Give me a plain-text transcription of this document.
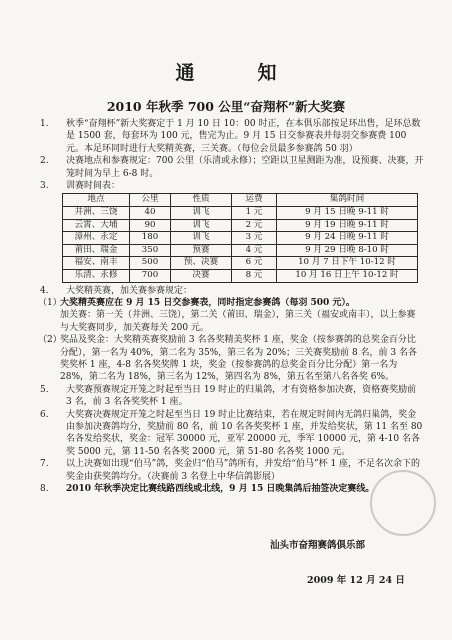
通　知
2010 年秋季 700 公里“奋翔杯”新大奖赛
1.	秋季“奋翔杯”新大奖赛定于 1 月 10 日 10：00 时正，在本俱乐部按足环出售，足环总数是 1500 套，每套环为 100 元，售完为止。9 月 15 日交参赛表并每羽交参赛费 100 元。本足环同时进行大奖精英赛，三关赛。（每位会员最多参赛鸽 50 羽）
2.	决赛地点和参赛规定：700 公里（乐清或永修）；空距以卫星测距为准，设预赛、决赛，开笼时间为早上 6-8 时。
3.	训赛时间表：
地点	公里	性质	运费	集鸽时间
井洲、三饶	40	训飞	1 元	9 月 15 日晚 9-11 时
云霄、大埔	90	训飞	2 元	9 月 19 日晚 9-11 时
漳州、永定	180	训飞	3 元	9 月 24 日晚 9-11 时
莆田、瑞金	350	预赛	4 元	9 月 29 日晚 8-10 时
福安、南丰	500	预、决赛	6 元	10 月 7 日下午 10-12 时
乐清、永修	700	决赛	8 元	10 月 16 日上午 10-12 时
4.	大奖精英赛，加关赛参赛规定：
（1）
大奖精英赛应在 9 月 15 日交参赛表，同时指定参赛鸽（每羽 500 元）。
加关赛：第一关（井洲、三饶），第二关（莆田、瑞金），第三关（福安或南丰），以上参赛与大奖赛同步，加关赛每关 200 元。
（2）
奖品及奖金：大奖精英赛奖励前 3 名各奖精美奖杯 1 座，奖金（按参赛鸽的总奖金百分比分配），第一名为 40%，第二名为 35%，第三名为 20%；三关赛奖励前 8 名，前 3 名各奖奖杯 1 座，4-8 名各奖奖牌 1 块，奖金（按参赛鸽的总奖金百分比分配）第一名为 28%，第二名为 18%，第三名为 12%，第四名为 8%，第五名至第八名各奖 6%。
5.	大奖赛预赛规定开笼之时起至当日 19 时止的归巢鸽，才有资格参加决赛，资格赛奖励前 3 名，前 3 名各奖奖杯 1 座。
6.	大奖赛决赛规定开笼之时起至当日 19 时止比赛结束，若在规定时间内无鸽归巢鸽，奖金由参加决赛鸽均分，奖励前 80 名，前 10 名各奖奖杯 1 座，并发给奖状，第 11 名至 80 名各发给奖状，奖金：冠军 30000 元，亚军 20000 元，季军 10000 元，第 4-10 名各奖 5000 元，第 11-50 名各奖 2000 元，第 51-80 名各奖 1000 元。
7.	以上决赛如出现“伯马”鸽，奖金归“伯马”鸽所有，并发给“伯马”杯 1 座，不足名次余下的奖金由获奖鸽均分。（决赛前 3 名登上中华信鸽影展）
8.	2010 年秋季决定比赛线路西线或北线，9 月 15 日晚集鸽后抽签决定赛线。
汕头市奋翔赛鸽俱乐部
2009 年 12 月 24 日
